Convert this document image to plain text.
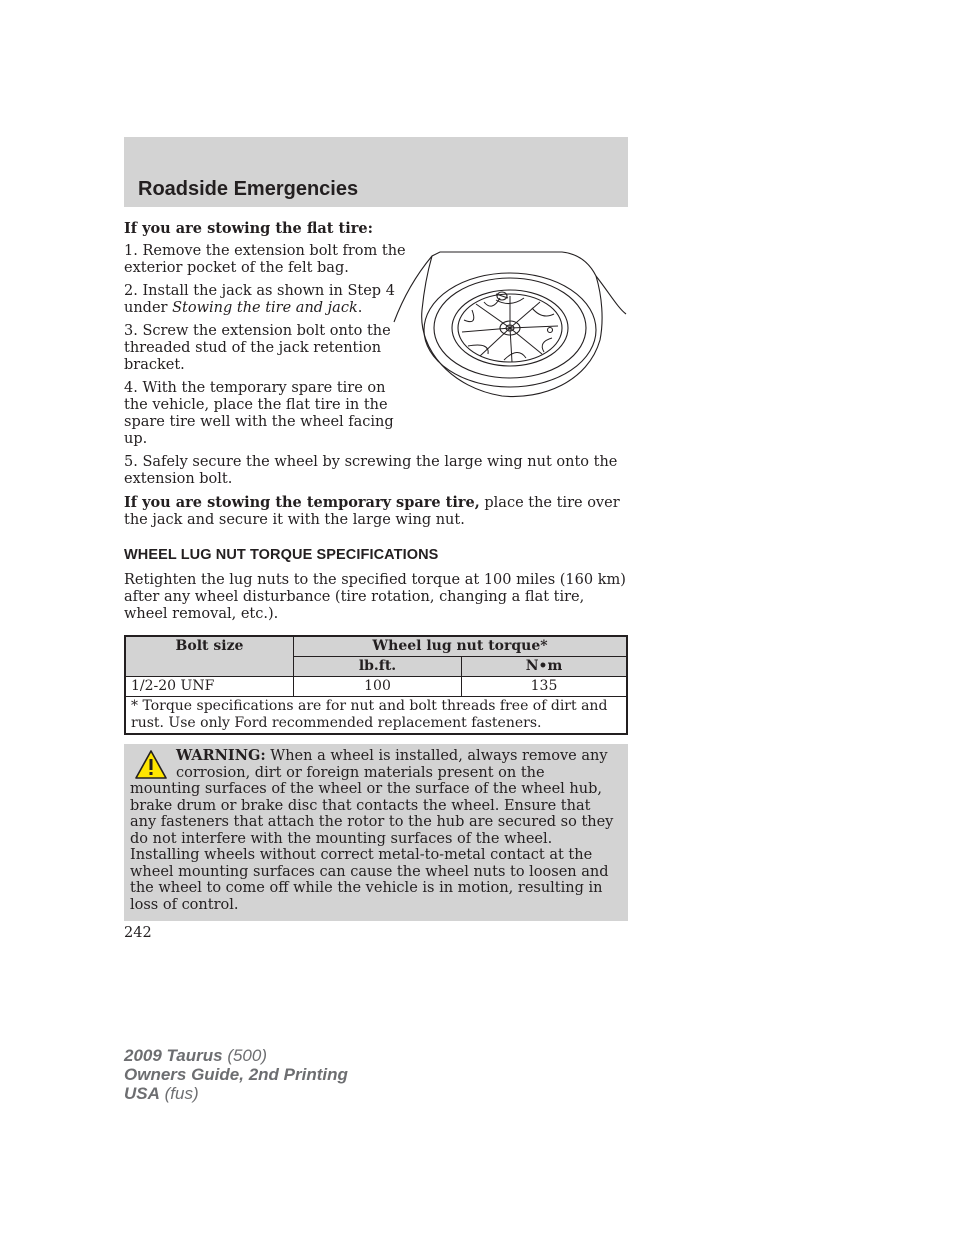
Roadside Emergencies

If you are stowing the flat tire:

1. Remove the extension bolt from the exterior pocket of the felt bag.

2. Install the jack as shown in Step 4 under Stowing the tire and jack.

3. Screw the extension bolt onto the threaded stud of the jack retention bracket.

4. With the temporary spare tire on the vehicle, place the flat tire in the spare tire well with the wheel facing up.

5. Safely secure the wheel by screwing the large wing nut onto the extension bolt.

If you are stowing the temporary spare tire, place the tire over the jack and secure it with the large wing nut.

WHEEL LUG NUT TORQUE SPECIFICATIONS

Retighten the lug nuts to the specified torque at 100 miles (160 km) after any wheel disturbance (tire rotation, changing a flat tire, wheel removal, etc.).

Bolt size	Wheel lug nut torque*	
	lb.ft.	N•m
1/2-20 UNF	100	135
* Torque specifications are for nut and bolt threads free of dirt and rust. Use only Ford recommended replacement fasteners.		
WARNING: When a wheel is installed, always remove any corrosion, dirt or foreign materials present on the mounting surfaces of the wheel or the surface of the wheel hub, brake drum or brake disc that contacts the wheel. Ensure that any fasteners that attach the rotor to the hub are secured so they do not interfere with the mounting surfaces of the wheel. Installing wheels without correct metal-to-metal contact at the wheel mounting surfaces can cause the wheel nuts to loosen and the wheel to come off while the vehicle is in motion, resulting in loss of control.
242
2009 Taurus (500)
Owners Guide, 2nd Printing
USA (fus)
